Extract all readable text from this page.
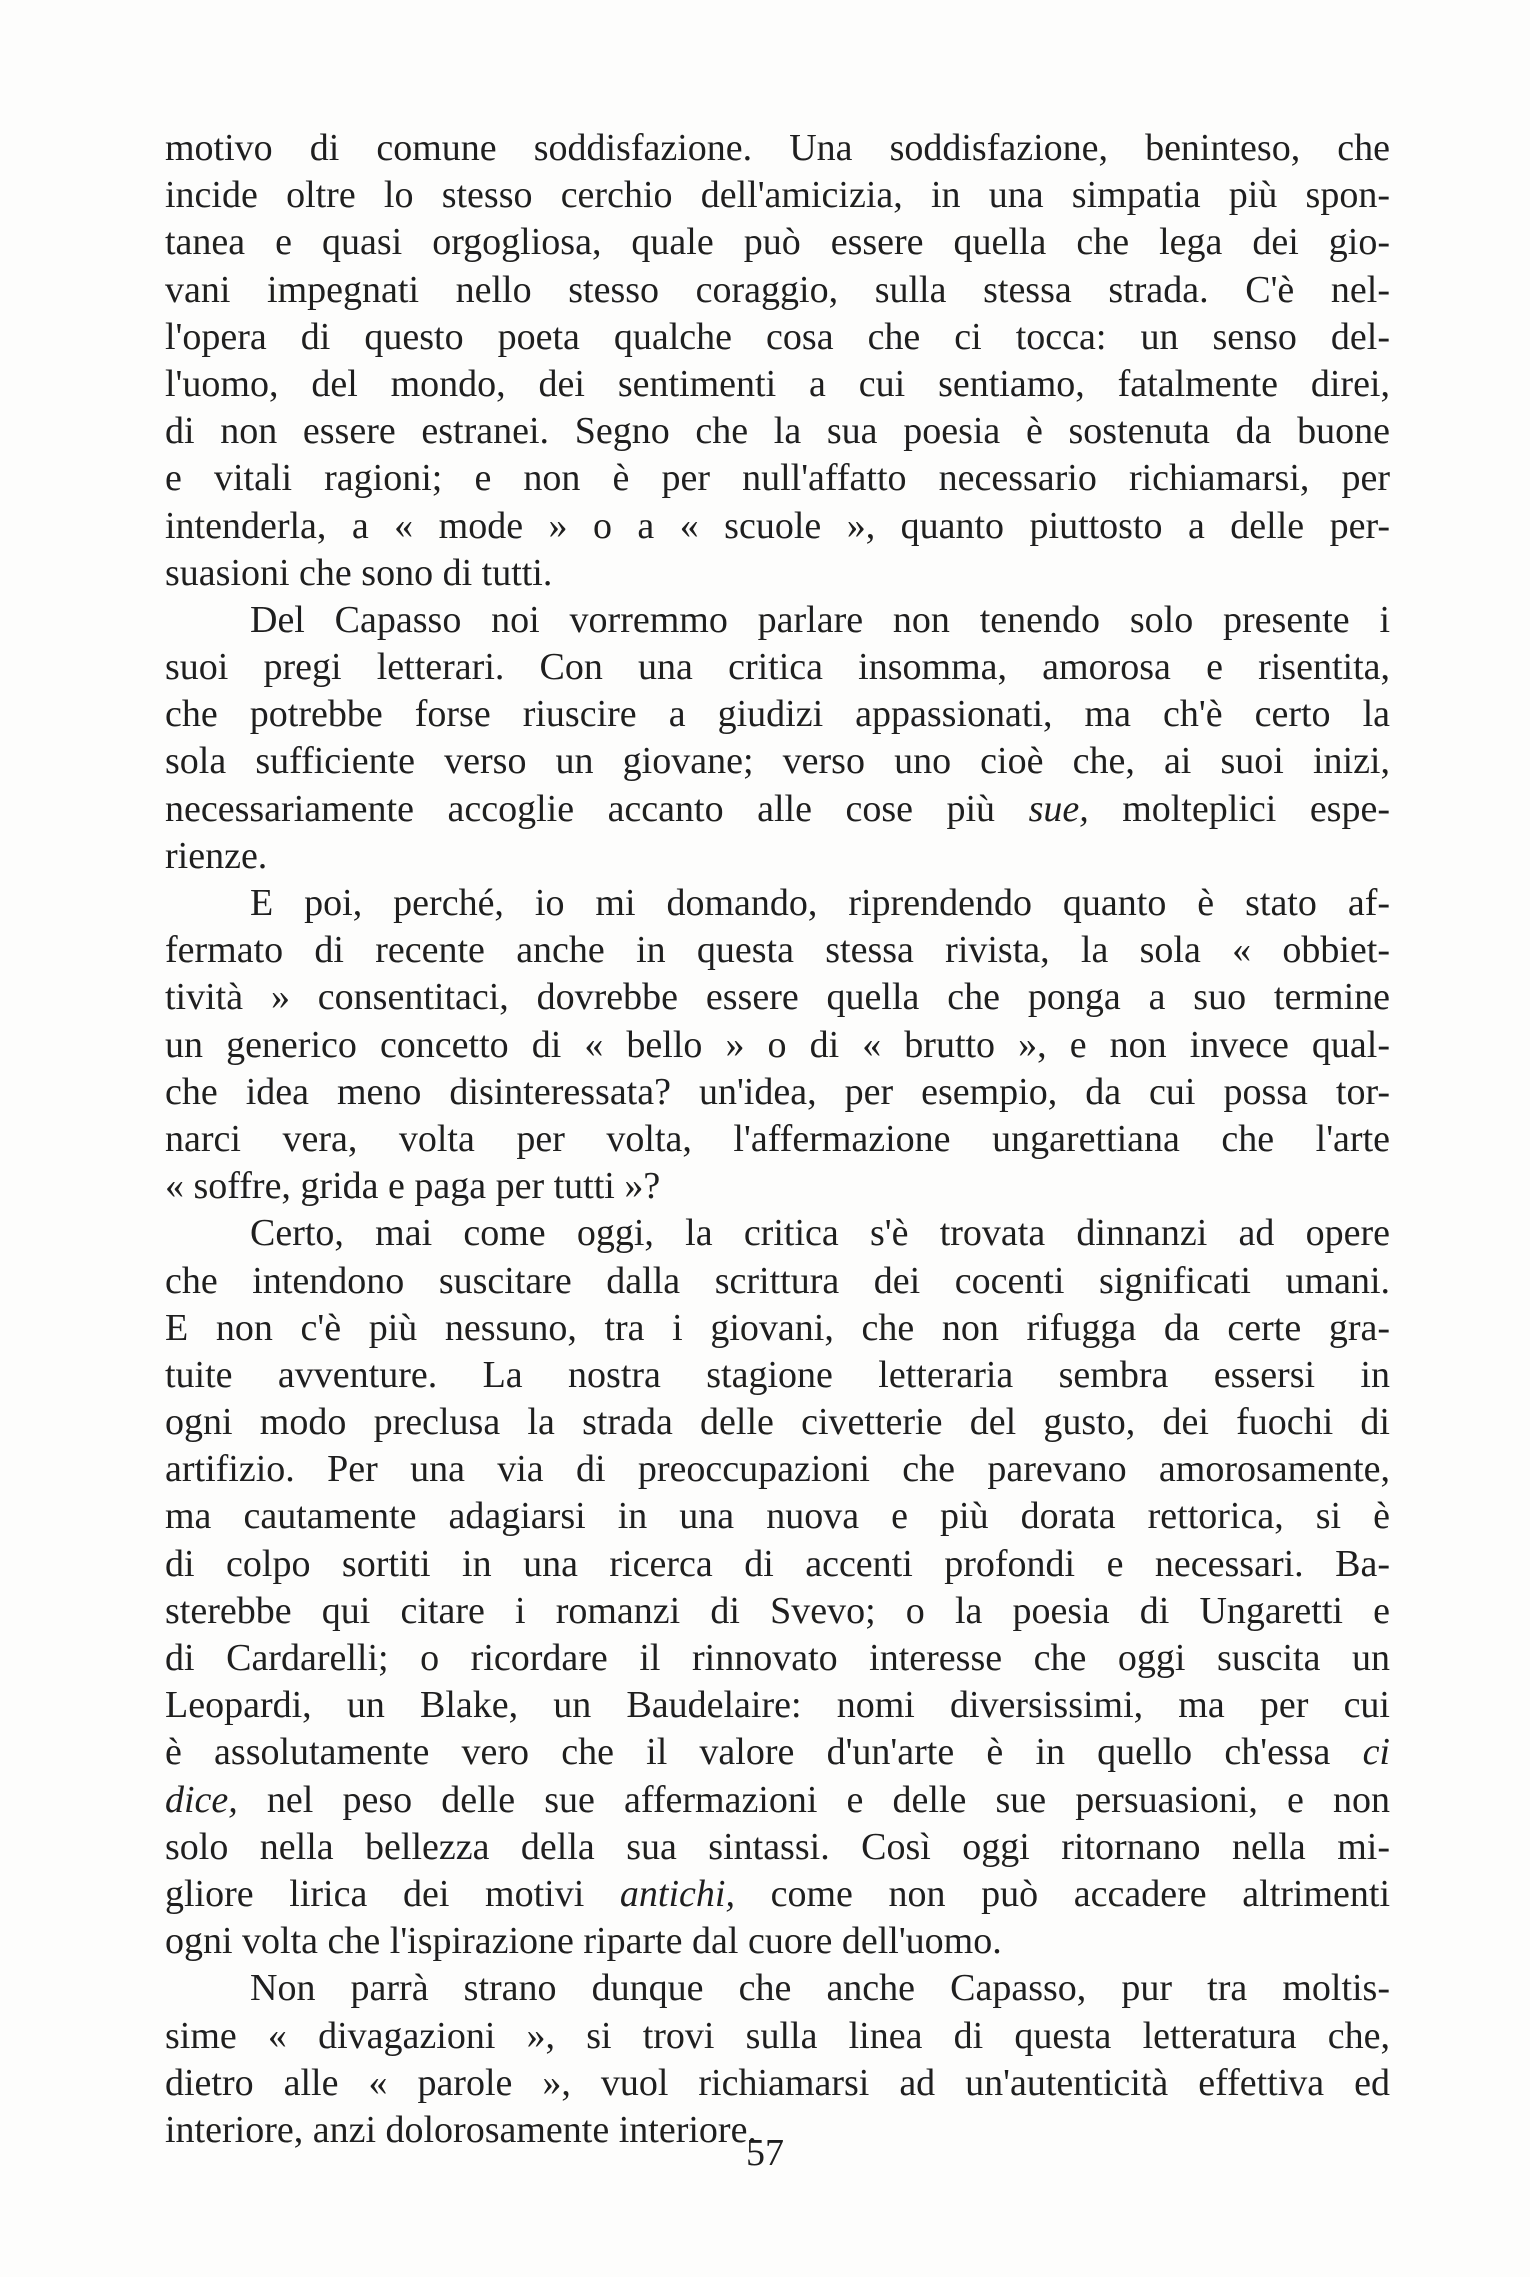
motivo di comune soddisfazione. Una soddisfazione, beninteso, che
incide oltre lo stesso cerchio dell'amicizia, in una simpatia più spon-
tanea e quasi orgogliosa, quale può essere quella che lega dei gio-
vani impegnati nello stesso coraggio, sulla stessa strada. C'è nel-
l'opera di questo poeta qualche cosa che ci tocca: un senso del-
l'uomo, del mondo, dei sentimenti a cui sentiamo, fatalmente direi,
di non essere estranei. Segno che la sua poesia è sostenuta da buone
e vitali ragioni; e non è per null'affatto necessario richiamarsi, per
intenderla, a « mode » o a « scuole », quanto piuttosto a delle per-
suasioni che sono di tutti.
Del Capasso noi vorremmo parlare non tenendo solo presente i
suoi pregi letterari. Con una critica insomma, amorosa e risentita,
che potrebbe forse riuscire a giudizi appassionati, ma ch'è certo la
sola sufficiente verso un giovane; verso uno cioè che, ai suoi inizi,
necessariamente accoglie accanto alle cose più sue, molteplici espe-
rienze.
E poi, perché, io mi domando, riprendendo quanto è stato af-
fermato di recente anche in questa stessa rivista, la sola « obbiet-
tività » consentitaci, dovrebbe essere quella che ponga a suo termine
un generico concetto di « bello » o di « brutto », e non invece qual-
che idea meno disinteressata? un'idea, per esempio, da cui possa tor-
narci vera, volta per volta, l'affermazione ungarettiana che l'arte
« soffre, grida e paga per tutti »?
Certo, mai come oggi, la critica s'è trovata dinnanzi ad opere
che intendono suscitare dalla scrittura dei cocenti significati umani.
E non c'è più nessuno, tra i giovani, che non rifugga da certe gra-
tuite avventure. La nostra stagione letteraria sembra essersi in
ogni modo preclusa la strada delle civetterie del gusto, dei fuochi di
artifizio. Per una via di preoccupazioni che parevano amorosamente,
ma cautamente adagiarsi in una nuova e più dorata rettorica, si è
di colpo sortiti in una ricerca di accenti profondi e necessari. Ba-
sterebbe qui citare i romanzi di Svevo; o la poesia di Ungaretti e
di Cardarelli; o ricordare il rinnovato interesse che oggi suscita un
Leopardi, un Blake, un Baudelaire: nomi diversissimi, ma per cui
è assolutamente vero che il valore d'un'arte è in quello ch'essa ci
dice, nel peso delle sue affermazioni e delle sue persuasioni, e non
solo nella bellezza della sua sintassi. Così oggi ritornano nella mi-
gliore lirica dei motivi antichi, come non può accadere altrimenti
ogni volta che l'ispirazione riparte dal cuore dell'uomo.
Non parrà strano dunque che anche Capasso, pur tra moltis-
sime « divagazioni », si trovi sulla linea di questa letteratura che,
dietro alle « parole », vuol richiamarsi ad un'autenticità effettiva ed
interiore, anzi dolorosamente interiore.
57
